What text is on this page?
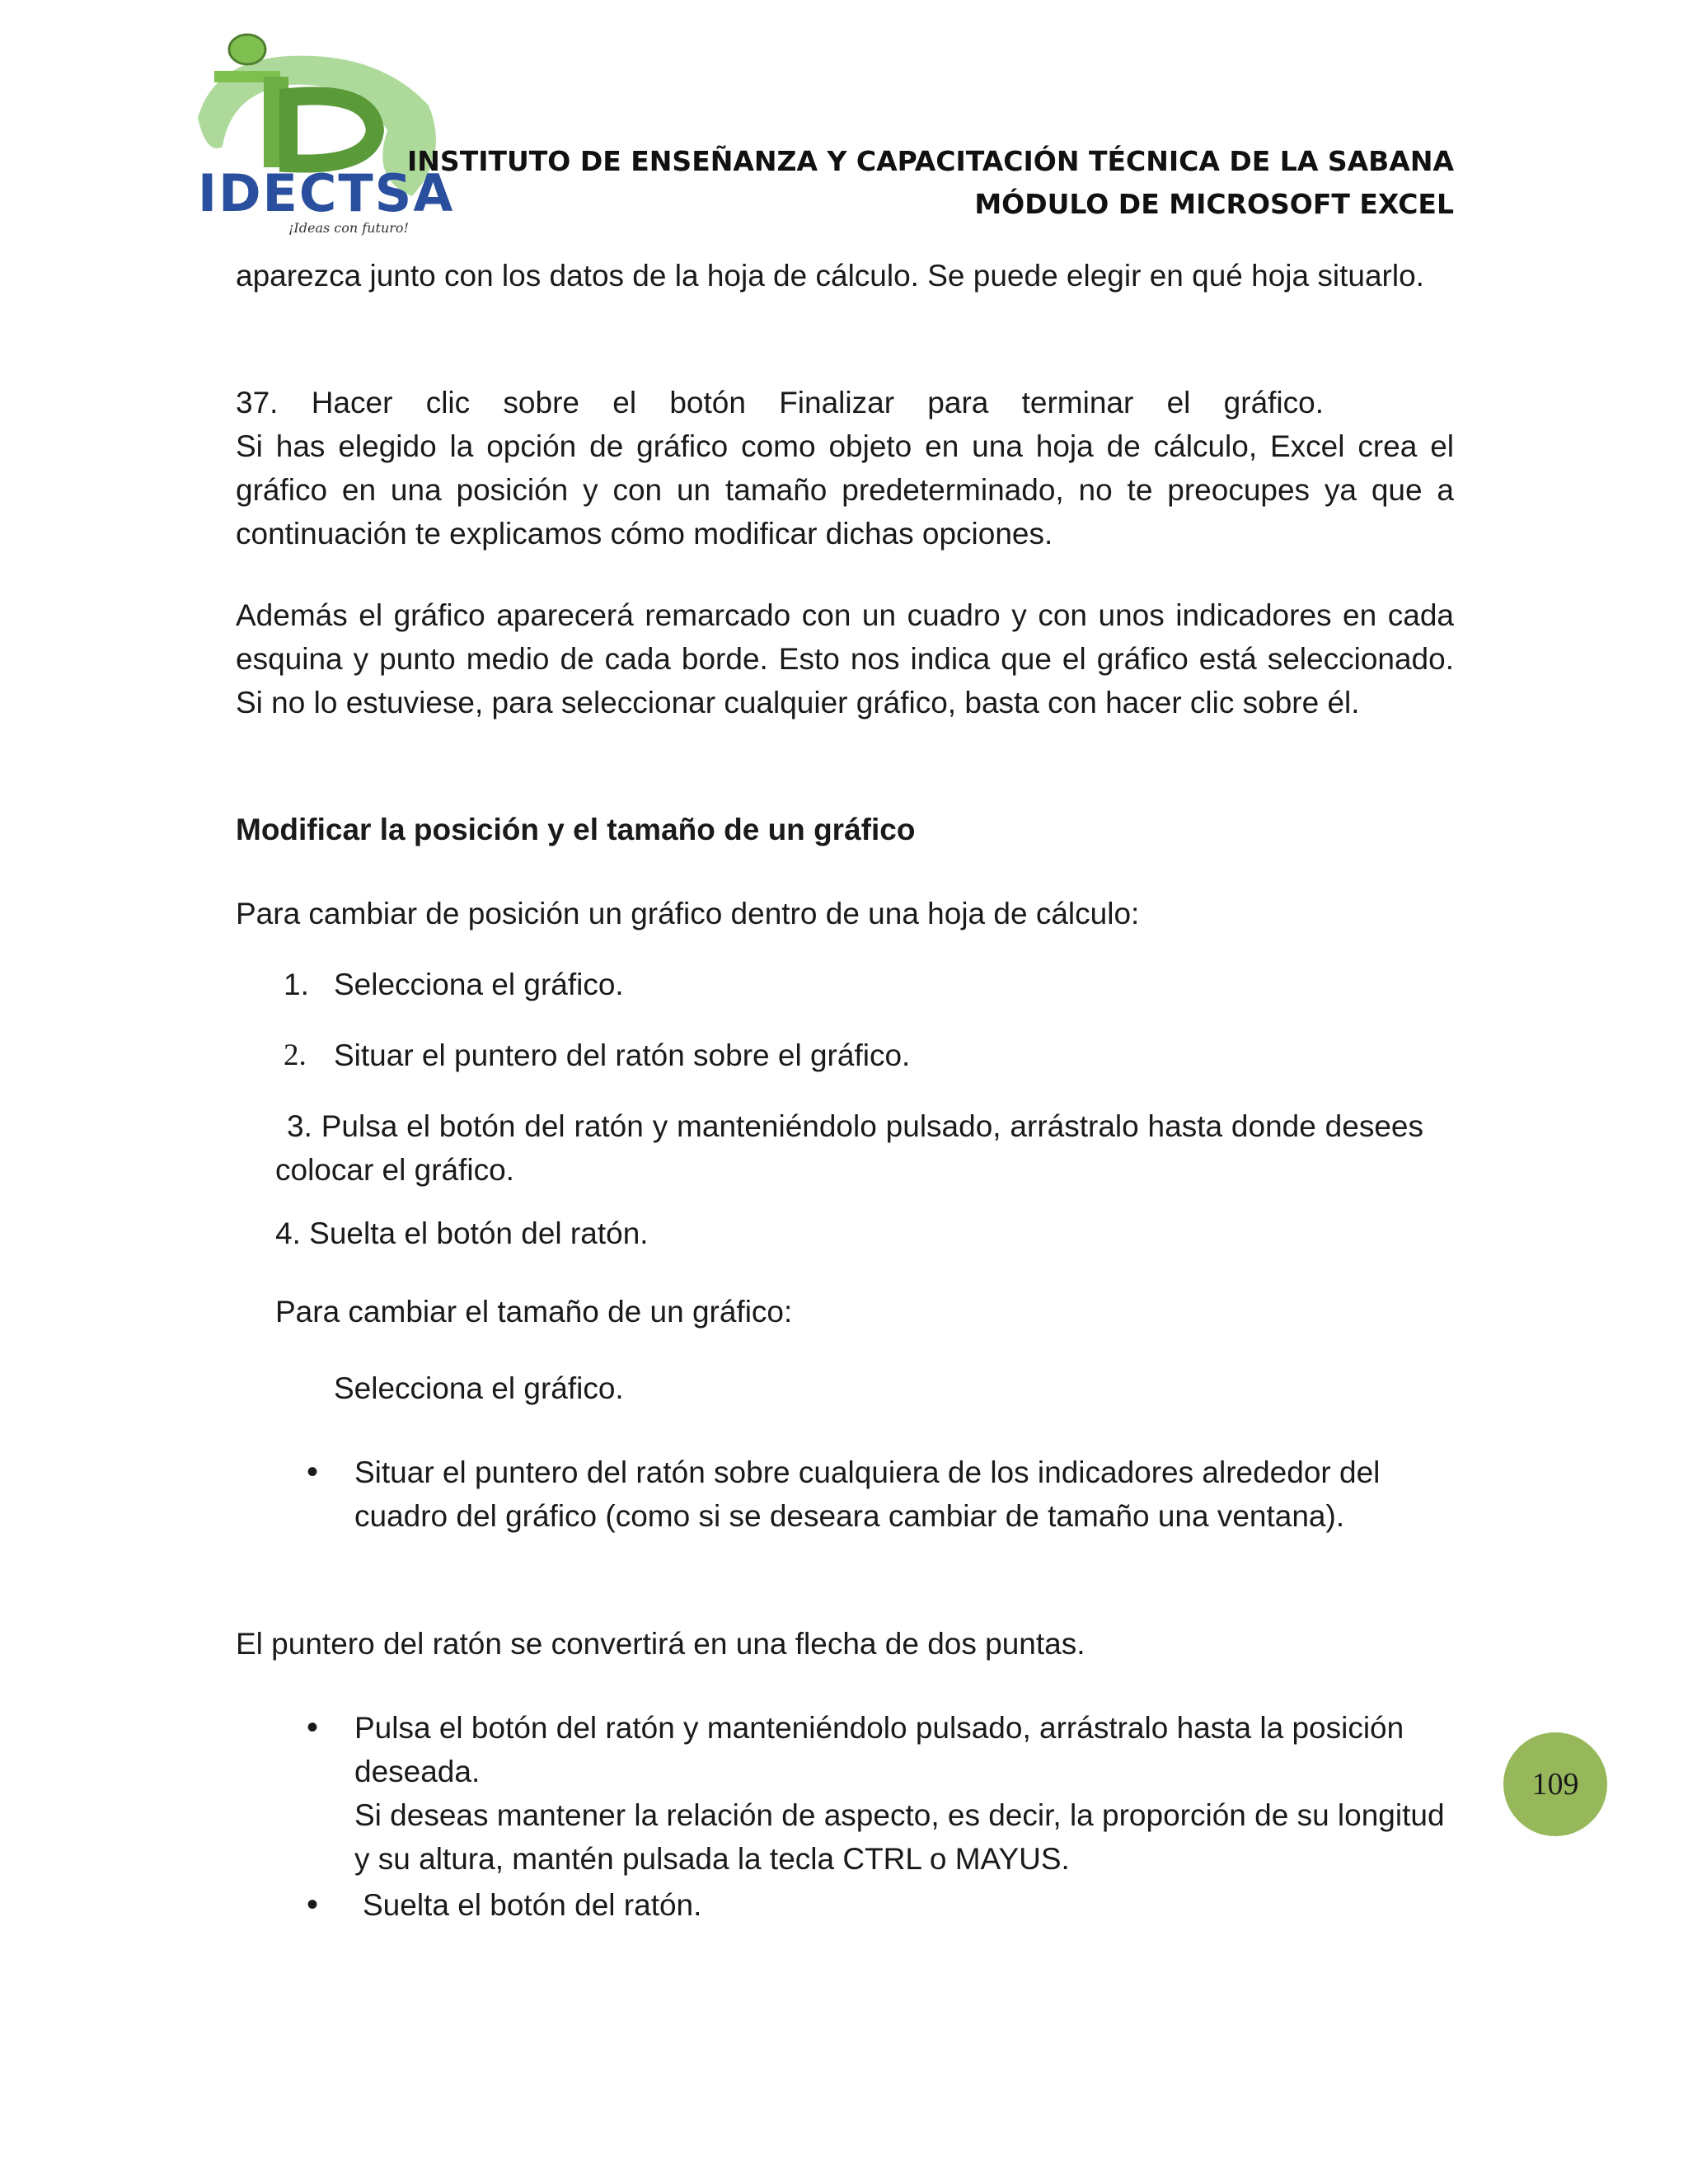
IDECTSA
¡Ideas con futuro!
INSTITUTO DE ENSEÑANZA Y CAPACITACIÓN TÉCNICA DE LA SABANA
MÓDULO DE MICROSOFT EXCEL

aparezca junto con los datos de la hoja de cálculo. Se puede elegir en qué hoja situarlo.

37. Hacer clic sobre el botón Finalizar para terminar el gráfico.

Si has elegido la opción de gráfico como objeto en una hoja de cálculo, Excel crea el gráfico en una posición y con un tamaño predeterminado, no te preocupes ya que a continuación te explicamos cómo modificar dichas opciones.

Además el gráfico aparecerá remarcado con un cuadro y con unos indicadores en cada esquina y punto medio de cada borde. Esto nos indica que el gráfico está seleccionado. Si no lo estuviese, para seleccionar cualquier gráfico, basta con hacer clic sobre él.

Modificar la posición y el tamaño de un gráfico

Para cambiar de posición un gráfico dentro de una hoja de cálculo:

1. Selecciona el gráfico.
2. Situar el puntero del ratón sobre el gráfico.

3. Pulsa el botón del ratón y manteniéndolo pulsado, arrástralo hasta donde desees  colocar el gráfico.

4. Suelta el botón del ratón.

Para cambiar el tamaño de un gráfico:

Selecciona el gráfico.

• Situar el puntero del ratón sobre cualquiera de los indicadores alrededor del cuadro del gráfico (como si se deseara cambiar de tamaño una ventana).

El puntero del ratón se convertirá en una flecha de dos puntas.

• Pulsa el botón del ratón y manteniéndolo pulsado, arrástralo hasta la posición deseada.

Si deseas mantener la relación de aspecto, es decir, la proporción de su longitud y su altura, mantén pulsada la tecla CTRL o MAYUS.

• Suelta el botón del ratón.

109
